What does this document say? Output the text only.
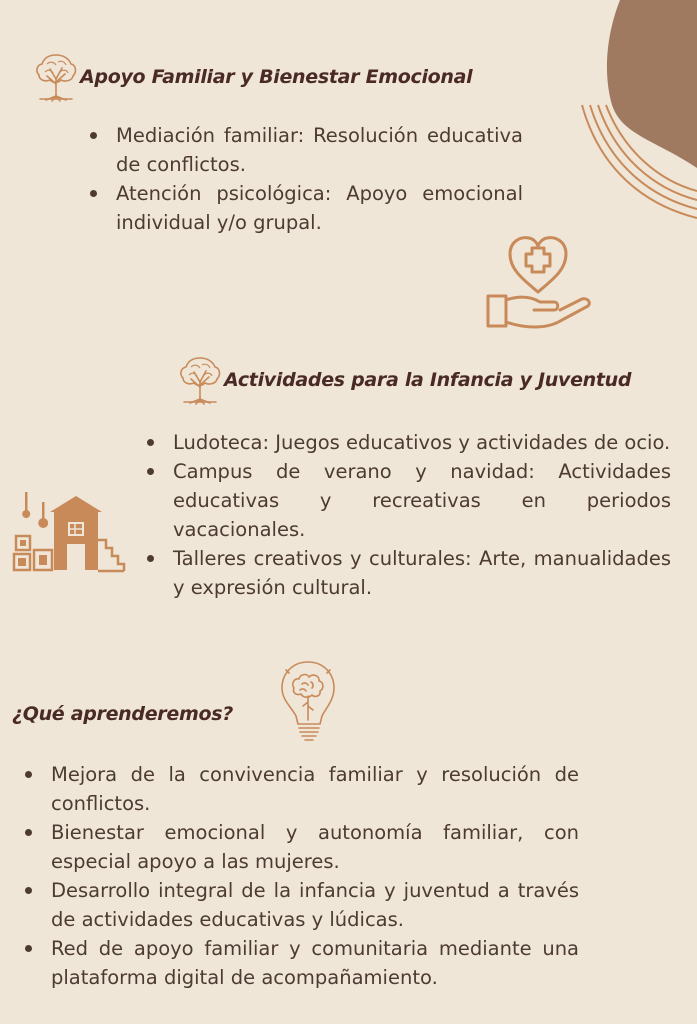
Apoyo Familiar y Bienestar Emocional
Mediación familiar: Resolución educativa de conflictos.
Atención psicológica: Apoyo emocional individual y/o grupal.
Actividades para la Infancia y Juventud
Ludoteca: Juegos educativos y actividades de ocio.
Campus de verano y navidad: Actividades educativas y recreativas en periodos vacacionales.
Talleres creativos y culturales: Arte, manualidades y expresión cultural.
¿Qué aprenderemos?
Mejora de la convivencia familiar y resolución de conflictos.
Bienestar emocional y autonomía familiar, con especial apoyo a las mujeres.
Desarrollo integral de la infancia y juventud a través de actividades educativas y lúdicas.
Red de apoyo familiar y comunitaria mediante una plataforma digital de acompañamiento.
